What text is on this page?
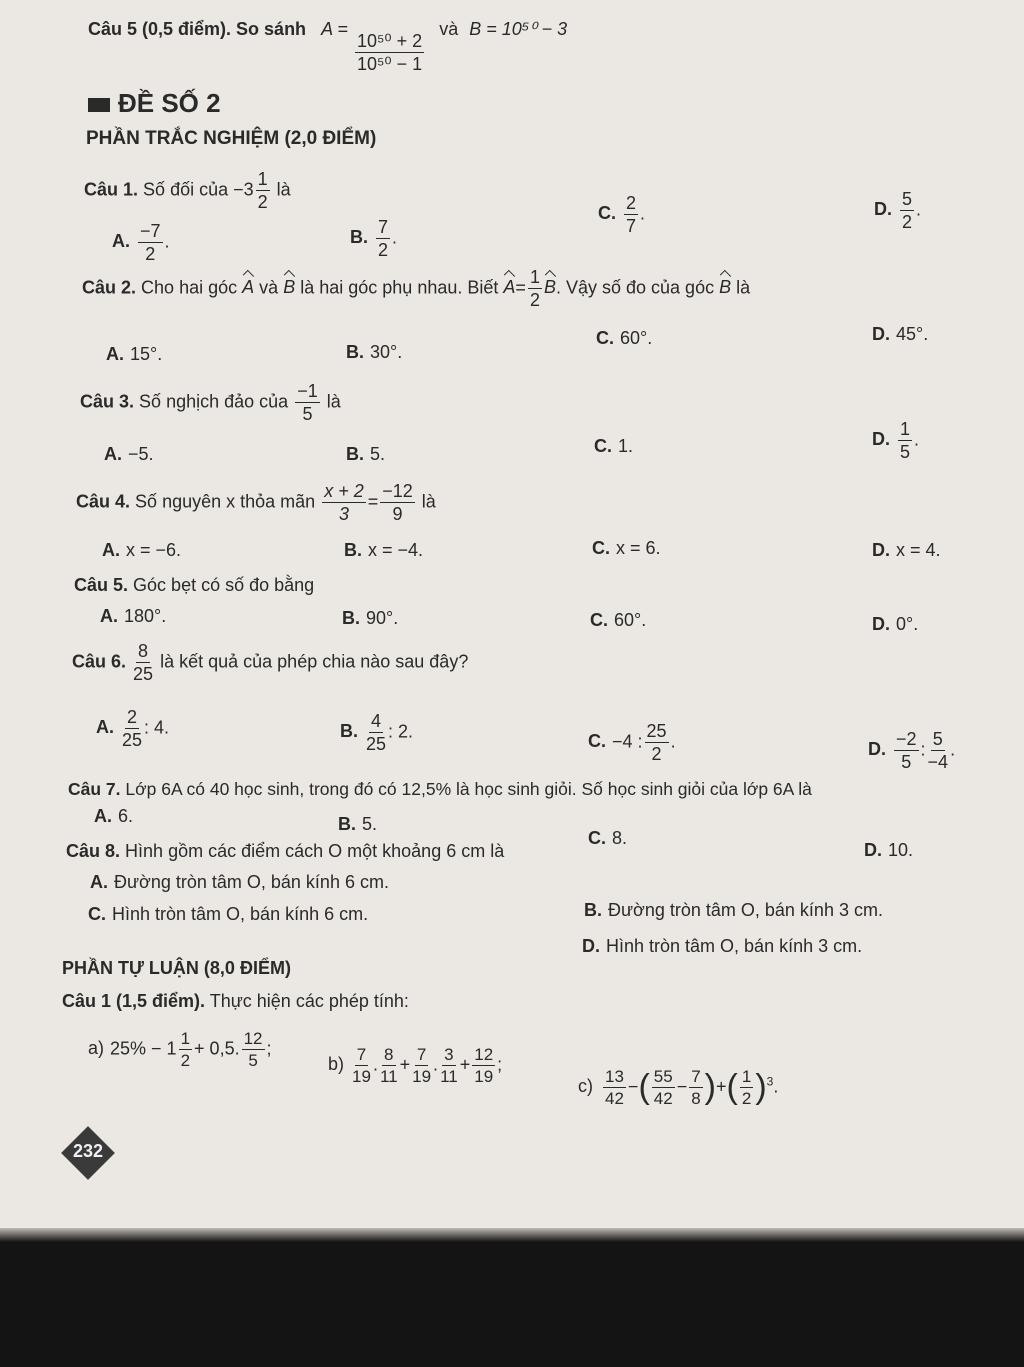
Câu 5 (0,5 điểm). So sánh A =
$\frac{\text{10⁵⁰ + 2}}{\text{10⁵⁰ − 1}}$
và B = 10⁵⁰ − 3
ĐỀ SỐ 2
PHẦN TRẮC NGHIỆM (2,0 ĐIỂM)
Câu 1. Số đối của $-3 \frac{1}{2}$ là
A. $\frac{-7}{2}$ .	B. $\frac{7}{2}$ .
C. $\frac{2}{7}$ .	D. $\frac{5}{2}$ .
Câu 2. Cho hai góc A và B là hai góc phụ nhau. Biết $A= \frac{1}{2} B$. Vậy số đo của góc B là
A. 15°.	B. 30°.
C. 60°.	D. 45°.
Câu 3. Số nghịch đảo của $\frac{-1}{5}$ là
A. −5.	B. 5.	C. 1.	D. $\frac{1}{5}$ .
Câu 4. Số nguyên x thỏa mãn $\frac{x + 2}{3} = \frac{-12}{9}$ là
A. x = −6.	B. x = −4.	C. x = 6.	D. x = 4.
Câu 5. Góc bẹt có số đo bằng
A. 180°.	B. 90°.	C. 60°.	D. 0°.
Câu 6. $\frac{8}{25}$ là kết quả của phép chia nào sau đây?
A. $\frac{2}{25}$ : 4.	B. $\frac{4}{25}$ : 2.	C. −4 : $\frac{25}{2}$ .	D. $\frac{-2}{5}$ : $\frac{5}{-4}$ .
Câu 7. Lớp 6A có 40 học sinh, trong đó có 12,5% là học sinh giỏi. Số học sinh giỏi của lớp 6A là
A. 6.	B. 5.
C. 8.
D. 10.
Câu 8. Hình gồm các điểm cách O một khoảng 6 cm là
A. Đường tròn tâm O, bán kính 6 cm.
B. Đường tròn tâm O, bán kính 3 cm.
C. Hình tròn tâm O, bán kính 6 cm.
D. Hình tròn tâm O, bán kính 3 cm.
PHẦN TỰ LUẬN (8,0 ĐIỂM)
Câu 1 (1,5 điểm). Thực hiện các phép tính:
a) $25\% - 1 \frac{1}{2} + 0,5$. $\frac{12}{5}$ ;
$b) \frac{7}{19}$ . $\frac{8}{11} + \frac{7}{19}$ . $\frac{3}{11} + \frac{12}{19}$ ;
$c) \frac{13}{42}$ −( $\frac{55}{42} - \frac{7}{8}$ )+( $\frac{1}{2} )^3$.
232
